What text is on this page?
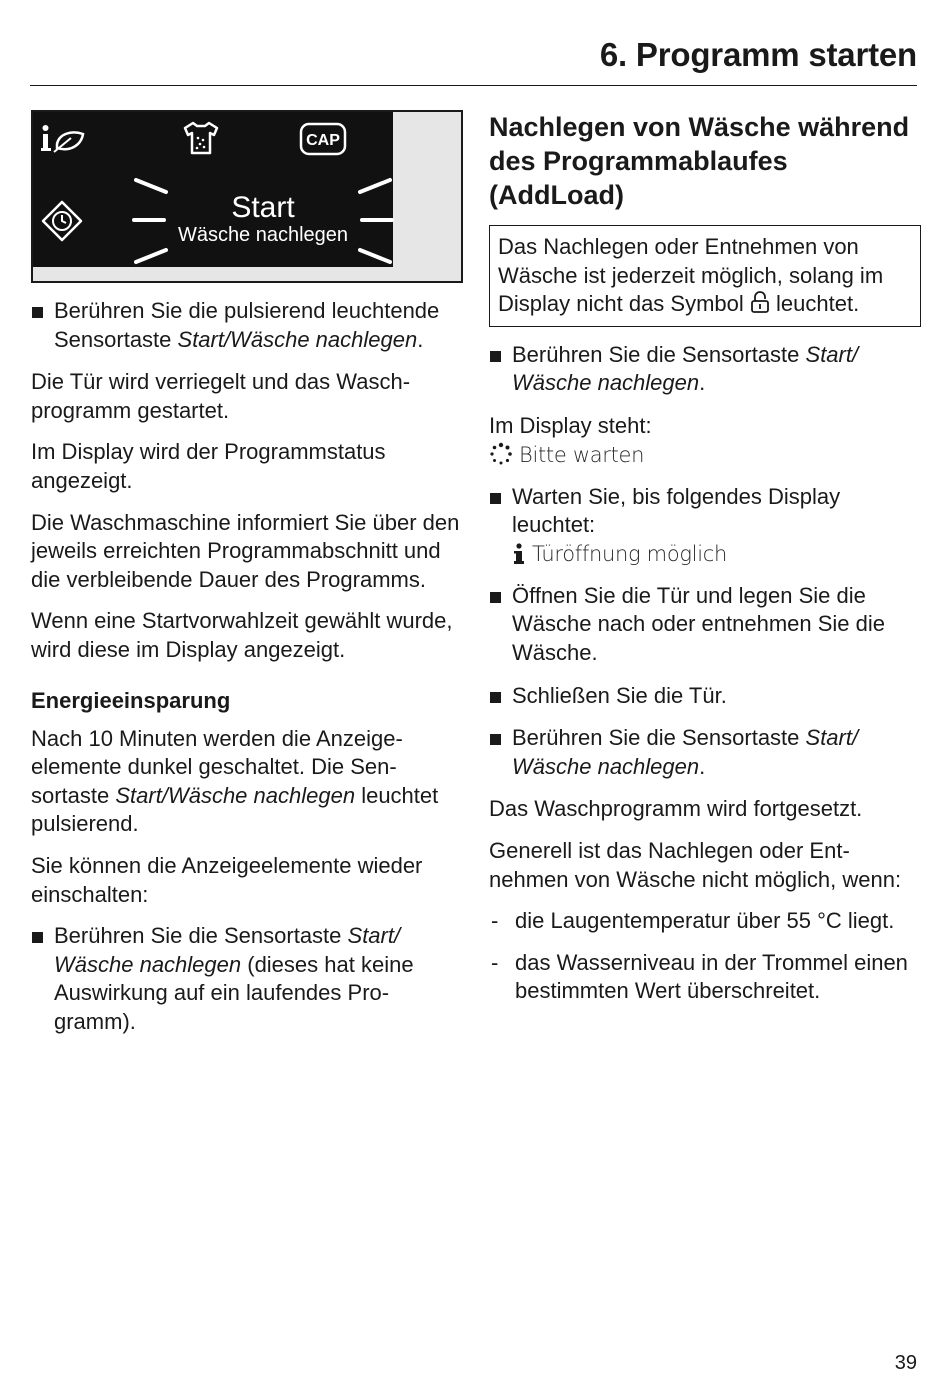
6. Programm starten
CAP
Start
Wäsche nachlegen
Berühren Sie die pulsierend leuchtende Sensortaste Start/Wäsche nachlegen.

Die Tür wird verriegelt und das Waschprogramm gestartet.

Im Display wird der Programmstatus angezeigt.

Die Waschmaschine informiert Sie über den jeweils erreichten Programmabschnitt und die verbleibende Dauer des Programms.

Wenn eine Startvorwahlzeit gewählt wurde, wird diese im Display angezeigt.

Energieeinsparung

Nach 10 Minuten werden die Anzeigeelemente dunkel geschaltet. Die Sensortaste Start/Wäsche nachlegen leuchtet pulsierend.

Sie können die Anzeigeelemente wieder einschalten:

Berühren Sie die Sensortaste Start/ Wäsche nachlegen (dieses hat keine Auswirkung auf ein laufendes Programm).
Nachlegen von Wäsche während des Programmablaufes (AddLoad)
Das Nachlegen oder Entnehmen von Wäsche ist jederzeit möglich, solang im Display nicht das Symbol  leuchtet.
Berühren Sie die Sensortaste Start/ Wäsche nachlegen.

Im Display steht:

Bitte warten
Warten Sie, bis folgendes Display leuchtet:
Türöffnung möglich
Öffnen Sie die Tür und legen Sie die Wäsche nach oder entnehmen Sie die Wäsche.
Schließen Sie die Tür.
Berühren Sie die Sensortaste Start/ Wäsche nachlegen.

Das Waschprogramm wird fortgesetzt.

Generell ist das Nachlegen oder Entnehmen von Wäsche nicht möglich, wenn:

- die Laugentemperatur über 55 °C liegt.
- das Wasserniveau in der Trommel einen bestimmten Wert überschreitet.
39
